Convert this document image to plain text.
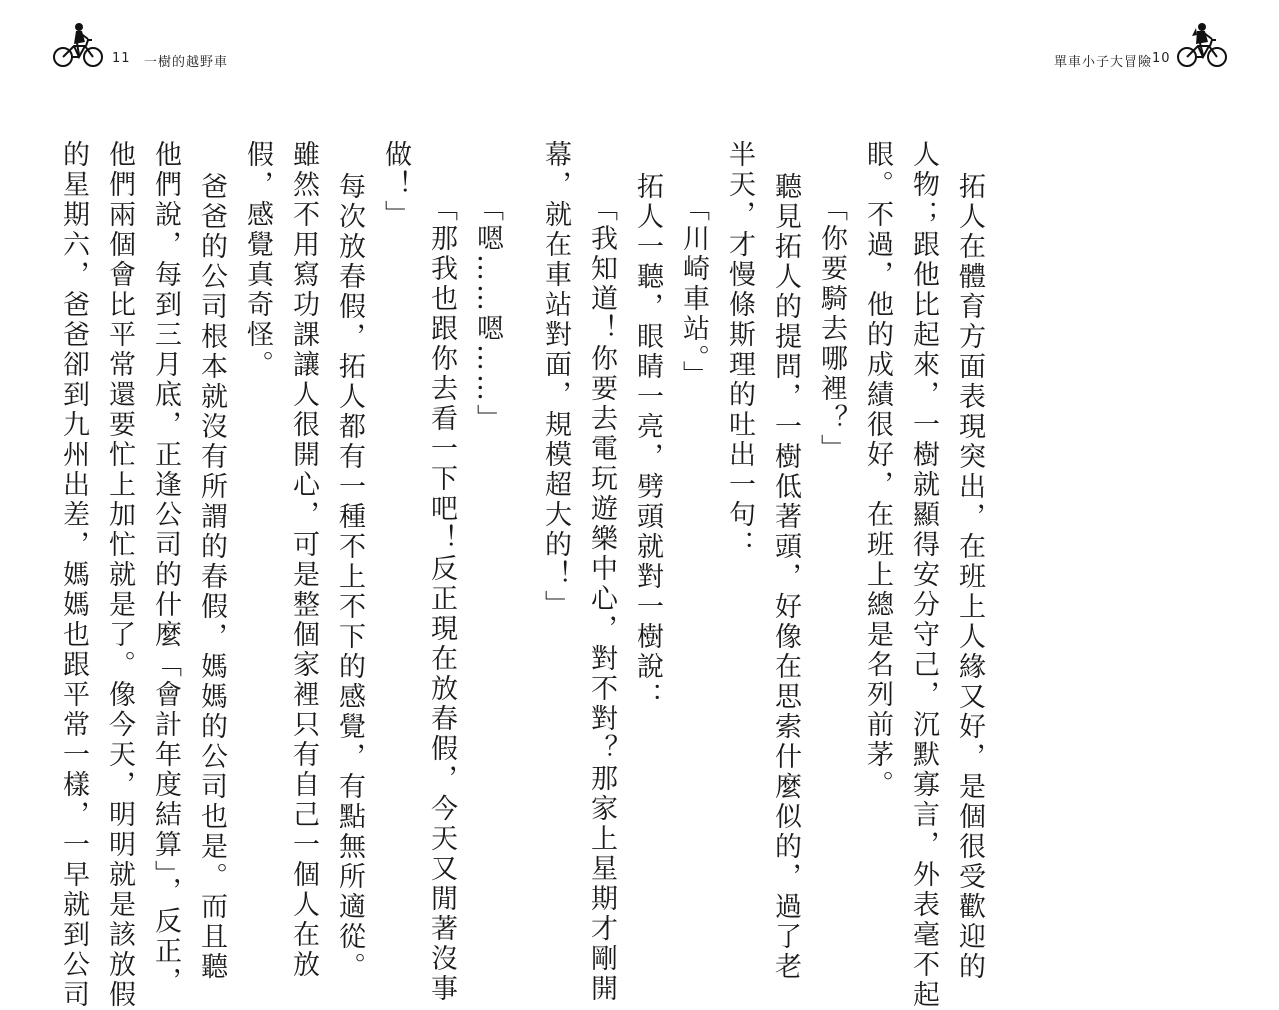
11 一樹的越野車	單車小子大冒險 10

拓人在體育方面表現突出，在班上人緣又好，是個很受歡迎的

人物；跟他比起來，一樹就顯得安分守己，沉默寡言，外表毫不起

眼。不過，他的成績很好，在班上總是名列前茅。

「你要騎去哪裡？」

聽見拓人的提問，一樹低著頭，好像在思索什麼似的，過了老

半天，才慢條斯理的吐出一句：

「川崎車站。」

拓人一聽，眼睛一亮，劈頭就對一樹說：

「我知道！你要去電玩遊樂中心，對不對？那家上星期才剛開

幕，就在車站對面，規模超大的！」

「嗯……嗯……」

「那我也跟你去看一下吧！反正現在放春假，今天又閒著沒事

做！」

每次放春假，拓人都有一種不上不下的感覺，有點無所適從。

雖然不用寫功課讓人很開心，可是整個家裡只有自己一個人在放

假，感覺真奇怪。

爸爸的公司根本就沒有所謂的春假，媽媽的公司也是。而且聽

他們說，每到三月底，正逢公司的什麼「會計年度結算」，反正，

他們兩個會比平常還要忙上加忙就是了。像今天，明明就是該放假

的星期六，爸爸卻到九州出差，媽媽也跟平常一樣，一早就到公司
